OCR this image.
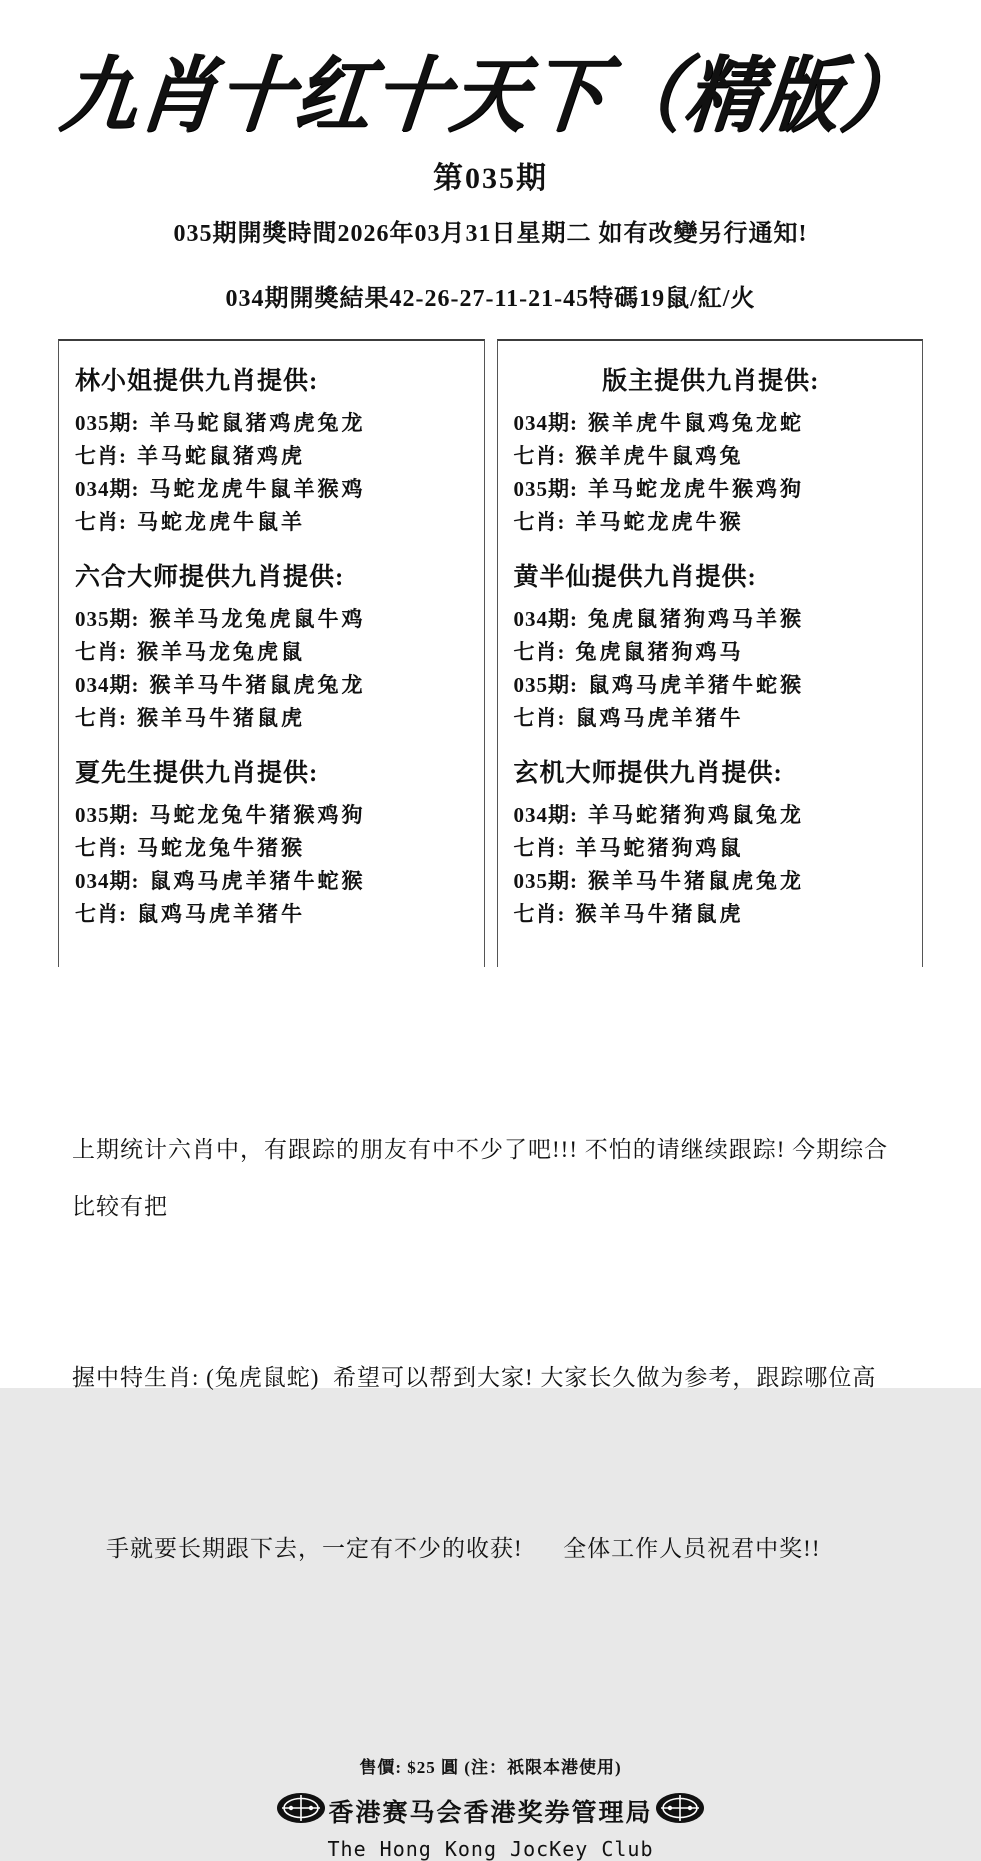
九肖十红十天下（精版）
第035期
035期開獎時間2026年03月31日星期二 如有改變另行通知!
034期開獎結果42-26-27-11-21-45特碼19鼠/紅/火
林小姐提供九肖提供:
035期: 羊马蛇鼠猪鸡虎兔龙
七肖: 羊马蛇鼠猪鸡虎
034期: 马蛇龙虎牛鼠羊猴鸡
七肖: 马蛇龙虎牛鼠羊
六合大师提供九肖提供:
035期: 猴羊马龙兔虎鼠牛鸡
七肖: 猴羊马龙兔虎鼠
034期: 猴羊马牛猪鼠虎兔龙
七肖: 猴羊马牛猪鼠虎
夏先生提供九肖提供:
035期: 马蛇龙兔牛猪猴鸡狗
七肖: 马蛇龙兔牛猪猴
034期: 鼠鸡马虎羊猪牛蛇猴
七肖: 鼠鸡马虎羊猪牛
版主提供九肖提供:
034期: 猴羊虎牛鼠鸡兔龙蛇
七肖: 猴羊虎牛鼠鸡兔
035期: 羊马蛇龙虎牛猴鸡狗
七肖: 羊马蛇龙虎牛猴
黄半仙提供九肖提供:
034期: 兔虎鼠猪狗鸡马羊猴
七肖: 兔虎鼠猪狗鸡马
035期: 鼠鸡马虎羊猪牛蛇猴
七肖: 鼠鸡马虎羊猪牛
玄机大师提供九肖提供:
034期: 羊马蛇猪狗鸡鼠兔龙
七肖: 羊马蛇猪狗鸡鼠
035期: 猴羊马牛猪鼠虎兔龙
七肖: 猴羊马牛猪鼠虎

上期统计六肖中，有跟踪的朋友有中不少了吧!!! 不怕的请继续跟踪! 今期综合比较有把

握中特生肖: (兔虎鼠蛇)  希望可以帮到大家! 大家长久做为参考，跟踪哪位高

手就要长期跟下去，一定有不少的收获!      全体工作人员祝君中奖!!

售價: $25 圓 (注：祇限本港使用)
香港赛马会香港奖券管理局
The Hong Kong JocKey Club
